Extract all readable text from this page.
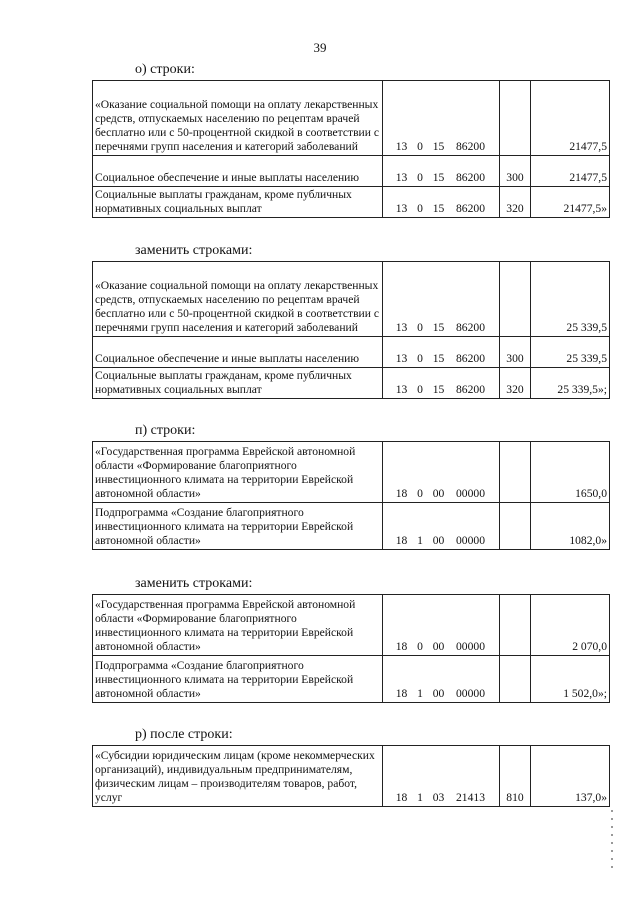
39
о) строки:
«Оказание социальной помощи на оплату лекарственных средств, отпускаемых населению по рецептам врачей бесплатно или с 50-процентной скидкой в соответствии с перечнями групп населения и категорий заболеваний	13 0 15 86200		21477,5
Социальное обеспечение и иные выплаты населению	13 0 15 86200	300	21477,5
Социальные выплаты гражданам, кроме публичных нормативных социальных выплат	13 0 15 86200	320	21477,5»
заменить строками:
«Оказание социальной помощи на оплату лекарственных средств, отпускаемых населению по рецептам врачей бесплатно или с 50-процентной скидкой в соответствии с перечнями групп населения и категорий заболеваний	13 0 15 86200		25 339,5
Социальное обеспечение и иные выплаты населению	13 0 15 86200	300	25 339,5
Социальные выплаты гражданам, кроме публичных нормативных социальных выплат	13 0 15 86200	320	25 339,5»;
п) строки:
«Государственная программа Еврейской автономной области «Формирование благоприятного инвестиционного климата на территории Еврейской автономной области»	18 0 00 00000		1650,0
Подпрограмма «Создание благоприятного инвестиционного климата на территории Еврейской автономной области»	18 1 00 00000		1082,0»
заменить строками:
«Государственная программа Еврейской автономной области «Формирование благоприятного инвестиционного климата на территории Еврейской автономной области»	18 0 00 00000		2 070,0
Подпрограмма «Создание благоприятного инвестиционного климата на территории Еврейской автономной области»	18 1 00 00000		1 502,0»;
р) после строки:
«Субсидии юридическим лицам (кроме некоммерческих организаций), индивидуальным предпринимателям, физическим лицам – производителям товаров, работ, услуг	18 1 03 21413	810	137,0»
